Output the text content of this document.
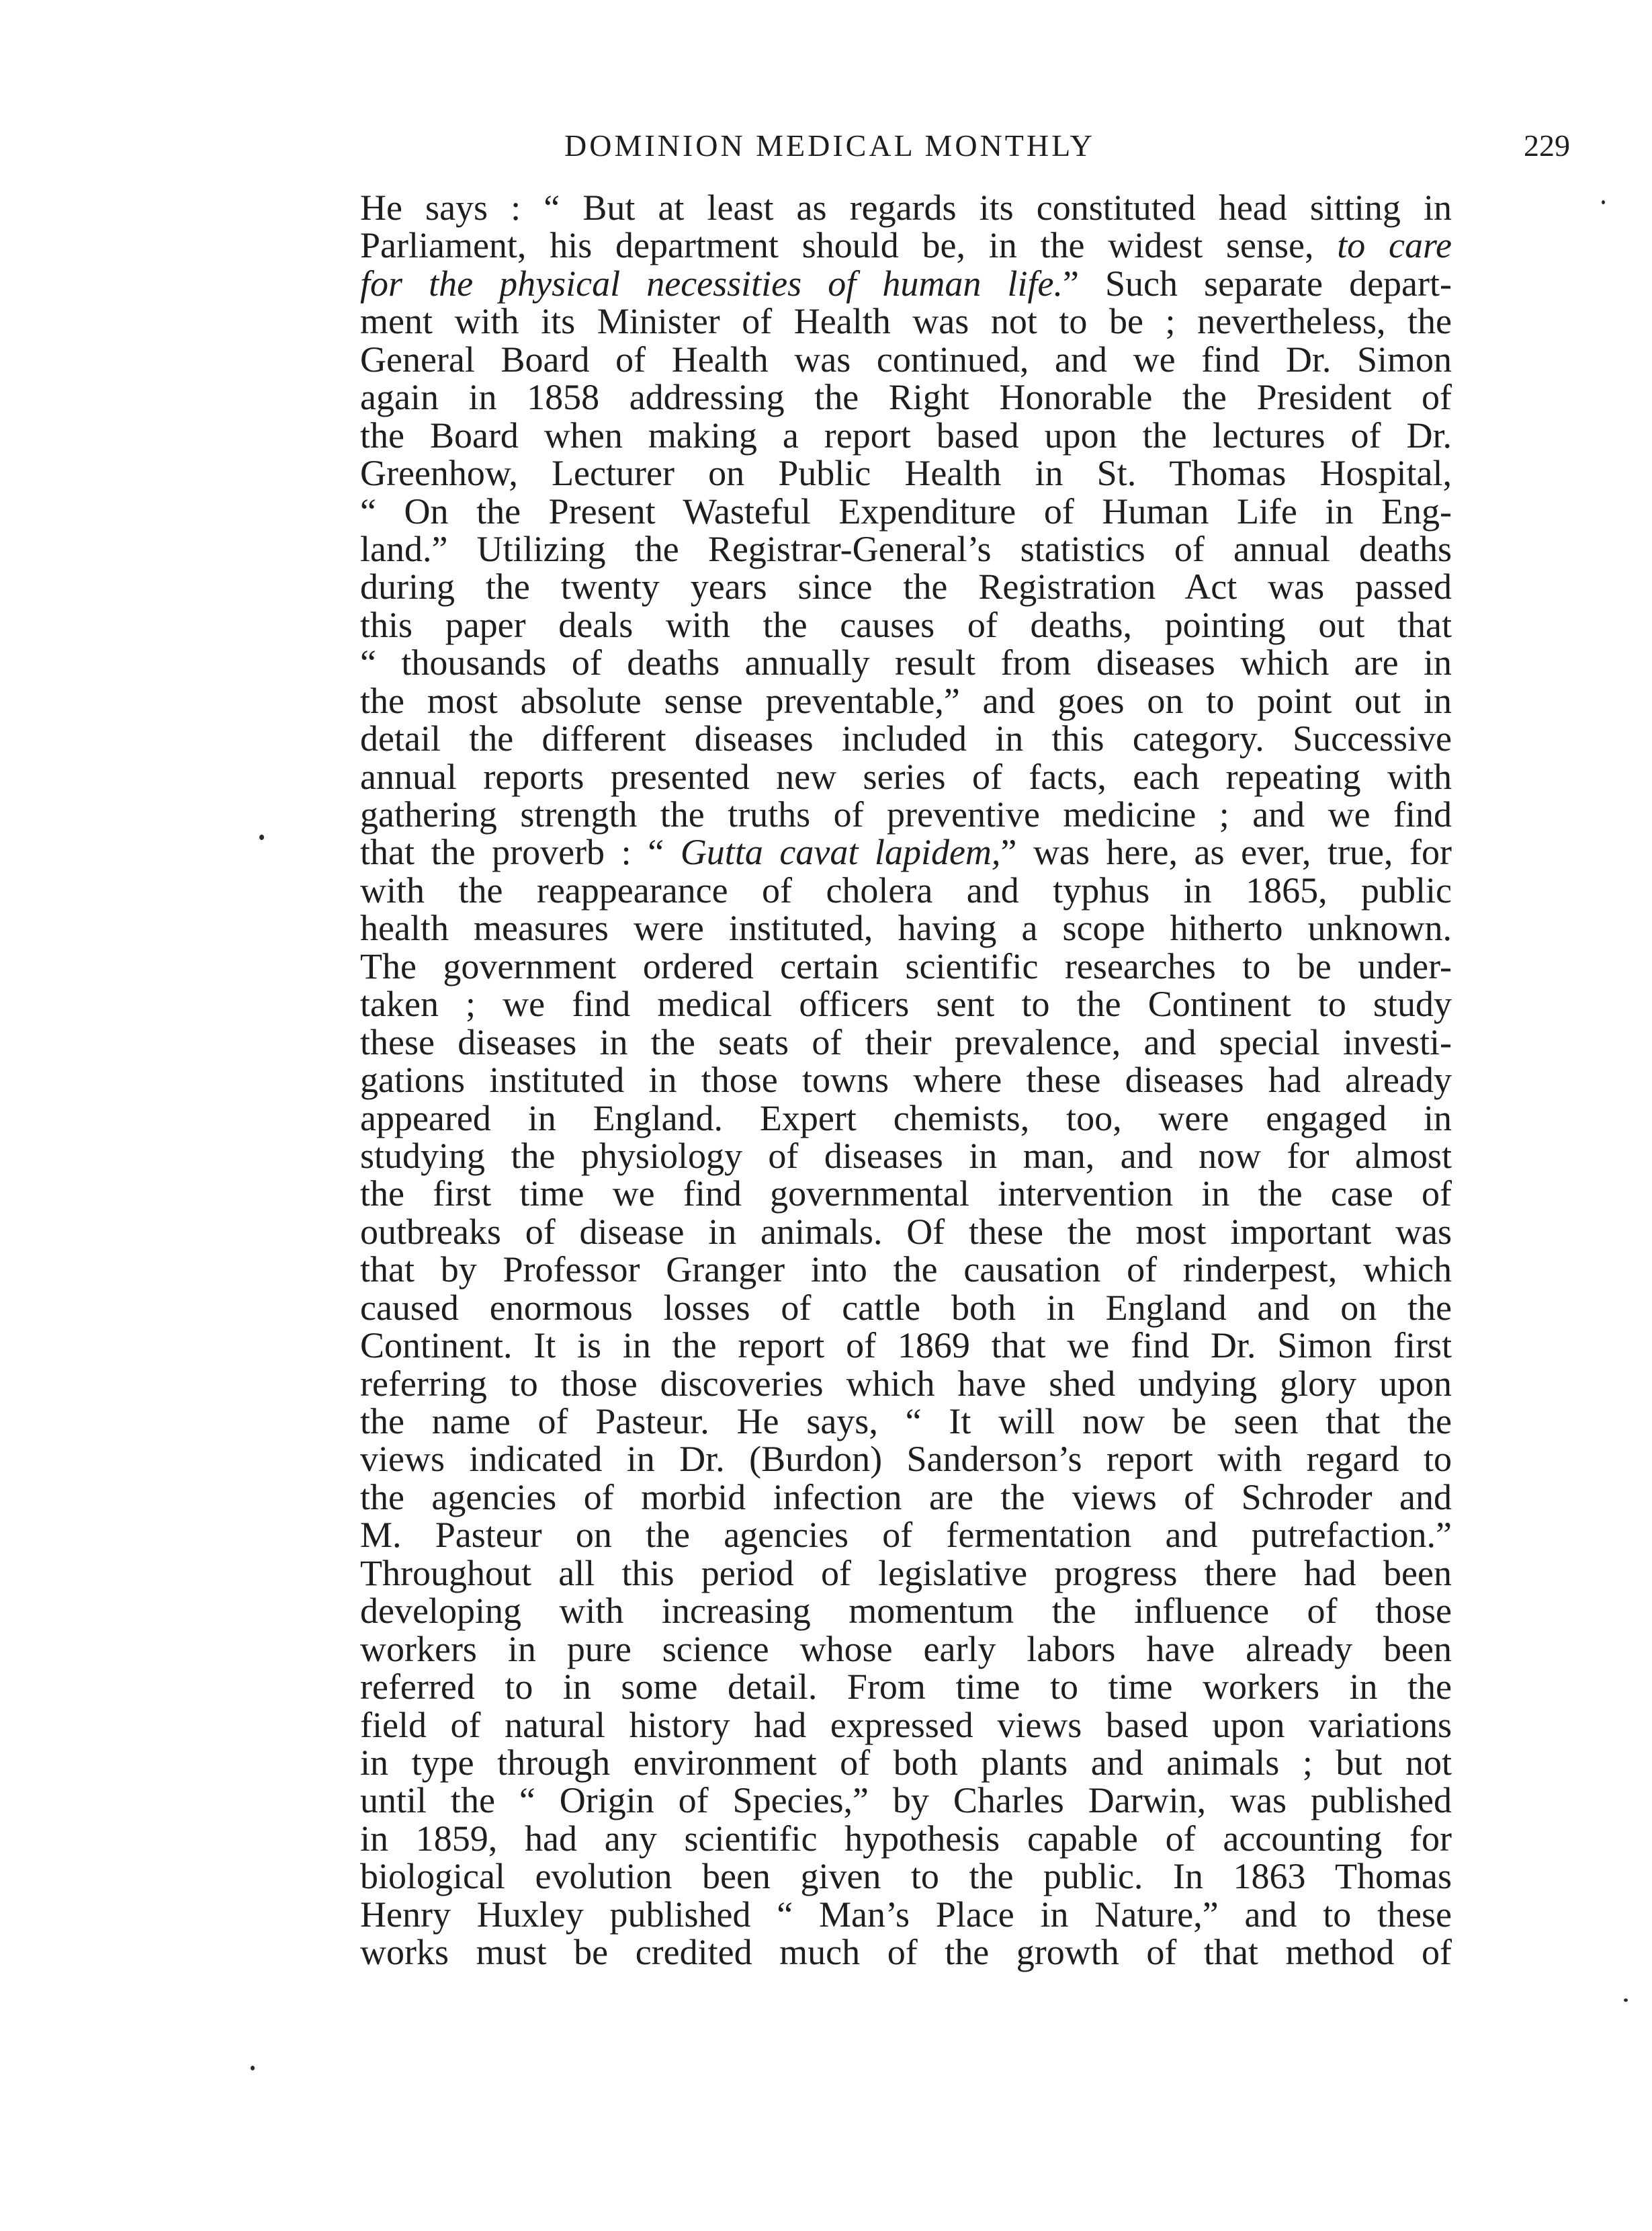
DOMINION MEDICAL MONTHLY	229
He says : “ But at least as regards its constituted head sitting in
Parliament, his department should be, in the widest sense, to care
for the physical necessities of human life.” Such separate depart-
ment with its Minister of Health was not to be ; nevertheless, the
General Board of Health was continued, and we find Dr. Simon
again in 1858 addressing the Right Honorable the President of
the Board when making a report based upon the lectures of Dr.
Greenhow, Lecturer on Public Health in St. Thomas Hospital,
“ On the Present Wasteful Expenditure of Human Life in Eng-
land.” Utilizing the Registrar-General’s statistics of annual deaths
during the twenty years since the Registration Act was passed
this paper deals with the causes of deaths, pointing out that
“ thousands of deaths annually result from diseases which are in
the most absolute sense preventable,” and goes on to point out in
detail the different diseases included in this category. Successive
annual reports presented new series of facts, each repeating with
gathering strength the truths of preventive medicine ; and we find
that the proverb : “ Gutta cavat lapidem,” was here, as ever, true, for
with the reappearance of cholera and typhus in 1865, public
health measures were instituted, having a scope hitherto unknown.
The government ordered certain scientific researches to be under-
taken ; we find medical officers sent to the Continent to study
these diseases in the seats of their prevalence, and special investi-
gations instituted in those towns where these diseases had already
appeared in England. Expert chemists, too, were engaged in
studying the physiology of diseases in man, and now for almost
the first time we find governmental intervention in the case of
outbreaks of disease in animals. Of these the most important was
that by Professor Granger into the causation of rinderpest, which
caused enormous losses of cattle both in England and on the
Continent. It is in the report of 1869 that we find Dr. Simon first
referring to those discoveries which have shed undying glory upon
the name of Pasteur. He says, “ It will now be seen that the
views indicated in Dr. (Burdon) Sanderson’s report with regard to
the agencies of morbid infection are the views of Schroder and
M. Pasteur on the agencies of fermentation and putrefaction.”
Throughout all this period of legislative progress there had been
developing with increasing momentum the influence of those
workers in pure science whose early labors have already been
referred to in some detail. From time to time workers in the
field of natural history had expressed views based upon variations
in type through environment of both plants and animals ; but not
until the “ Origin of Species,” by Charles Darwin, was published
in 1859, had any scientific hypothesis capable of accounting for
biological evolution been given to the public. In 1863 Thomas
Henry Huxley published “ Man’s Place in Nature,” and to these
works must be credited much of the growth of that method of
